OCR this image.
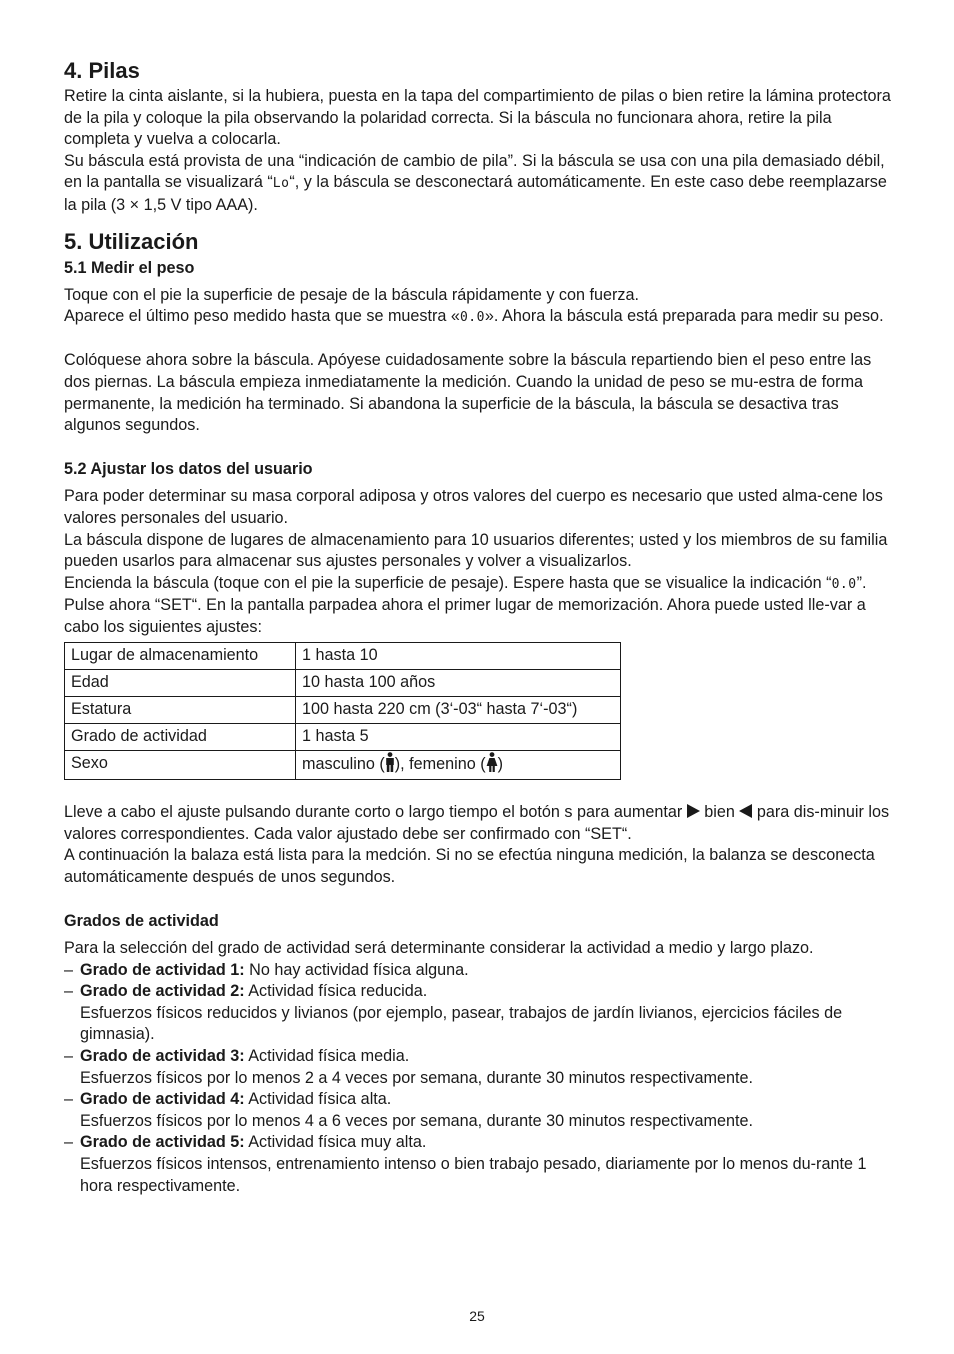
4. Pilas

Retire la cinta aislante, si la hubiera, puesta en la tapa del compartimiento de pilas o bien retire la lámina protectora de la pila y coloque la pila observando la polaridad correcta. Si la báscula no funcionara ahora, retire la pila completa y vuelva a colocarla.

Su báscula está provista de una “indicación de cambio de pila”. Si la báscula se usa con una pila demasiado débil, en la pantalla se visualizará “Lo“, y la báscula se desconectará automáticamente. En este caso debe reemplazarse la pila (3 × 1,5 V tipo AAA).

5. Utilización
5.1 Medir el peso

Toque con el pie la superficie de pesaje de la báscula rápidamente y con fuerza.

Aparece el último peso medido hasta que se muestra «0.0». Ahora la báscula está preparada para medir su peso.

Colóquese ahora sobre la báscula. Apóyese cuidadosamente sobre la báscula repartiendo bien el peso entre las dos piernas. La báscula empieza inmediatamente la medición. Cuando la unidad de peso se mu-estra de forma permanente, la medición ha terminado. Si abandona la superficie de la báscula, la báscula se desactiva tras algunos segundos.

5.2 Ajustar los datos del usuario

Para poder determinar su masa corporal adiposa y otros valores del cuerpo es necesario que usted alma-cene los valores personales del usuario.

La báscula dispone de lugares de almacenamiento para 10 usuarios diferentes; usted y los miembros de su familia pueden usarlos para almacenar sus ajustes personales y volver a visualizarlos.

Encienda la báscula (toque con el pie la superficie de pesaje). Espere hasta que se visualice la indicación “0.0”.

Pulse ahora “SET“. En la pantalla parpadea ahora el primer lugar de memorización. Ahora puede usted lle-var a cabo los siguientes ajustes:

Lugar de almacenamiento	1 hasta 10
Edad	10 hasta 100 años
Estatura	100 hasta 220 cm (3‘-03“ hasta 7‘-03“)
Grado de actividad	1 hasta 5
Sexo	masculino ( ), femenino ( )

Lleve a cabo el ajuste pulsando durante corto o largo tiempo el botón s para aumentar bien para dis-minuir los valores correspondientes. Cada valor ajustado debe ser confirmado con “SET“.

A continuación la balaza está lista para la medción. Si no se efectúa ninguna medición, la balanza se desconecta automáticamente después de unos segundos.

Grados de actividad

Para la selección del grado de actividad será determinante considerar la actividad a medio y largo plazo.

– Grado de actividad 1: No hay actividad física alguna.
– Grado de actividad 2: Actividad física reducida.
Esfuerzos físicos reducidos y livianos (por ejemplo, pasear, trabajos de jardín livianos, ejercicios fáciles de gimnasia).
– Grado de actividad 3: Actividad física media.
Esfuerzos físicos por lo menos 2 a 4 veces por semana, durante 30 minutos respectivamente.
– Grado de actividad 4: Actividad física alta.
Esfuerzos físicos por lo menos 4 a 6 veces por semana, durante 30 minutos respectivamente.
– Grado de actividad 5: Actividad física muy alta.
Esfuerzos físicos intensos, entrenamiento intenso o bien trabajo pesado, diariamente por lo menos du-rante 1 hora respectivamente.
25
